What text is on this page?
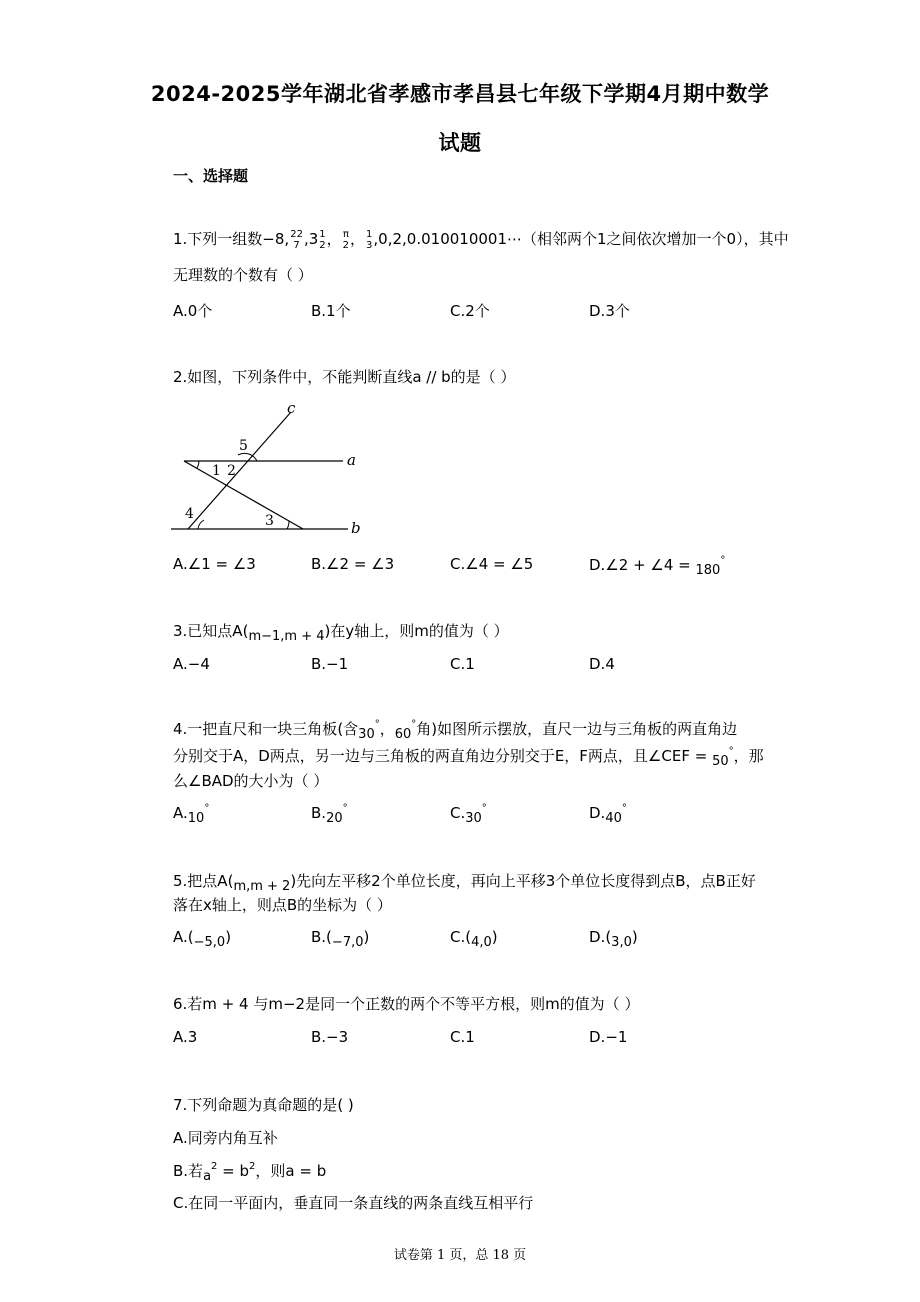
2024-2025学年湖北省孝感市孝昌县七年级下学期4月期中数学
试题
一、选择题
1.下列一组数−8, 22
7 ,3 1
2 ， π
2 ， 1
3 ,0,2,0.010010001⋯（相邻两个1之间依次增加一个0），其中
无理数的个数有（ ）
A.0个	B.1个	C.2个	D.3个
2.如图，下列条件中，不能判断直线a // b的是（ ）
c
a
b
1 2
3
4
5
A.∠1 = ∠3	B.∠2 = ∠3	C.∠4 = ∠5	D.∠2 + ∠4 = 180°
3.已知点A(m−1,m + 4)在y轴上，则m的值为（ ）
A.−4	B.−1	C.1	D.4
4.一把直尺和一块三角板(含30°，60°角)如图所示摆放，直尺一边与三角板的两直角边
分别交于A，D两点，另一边与三角板的两直角边分别交于E，F两点，且∠CEF = 50°，那
么∠BAD的大小为（ ）
A.10°	B.20°	C.30°	D.40°
5.把点A(m,m + 2)先向左平移2个单位长度，再向上平移3个单位长度得到点B，点B正好
落在x轴上，则点B的坐标为（ ）
A.(−5,0)	B.(−7,0)	C.(4,0)	D.(3,0)
6.若m + 4 与m−2是同一个正数的两个不等平方根，则m的值为（ ）
A.3	B.−3	C.1	D.−1
7.下列命题为真命题的是( )
A.同旁内角互补
B.若$a^2 = b^2$，则a = b
C.在同一平面内，垂直同一条直线的两条直线互相平行
试卷第 1 页，总 18 页
